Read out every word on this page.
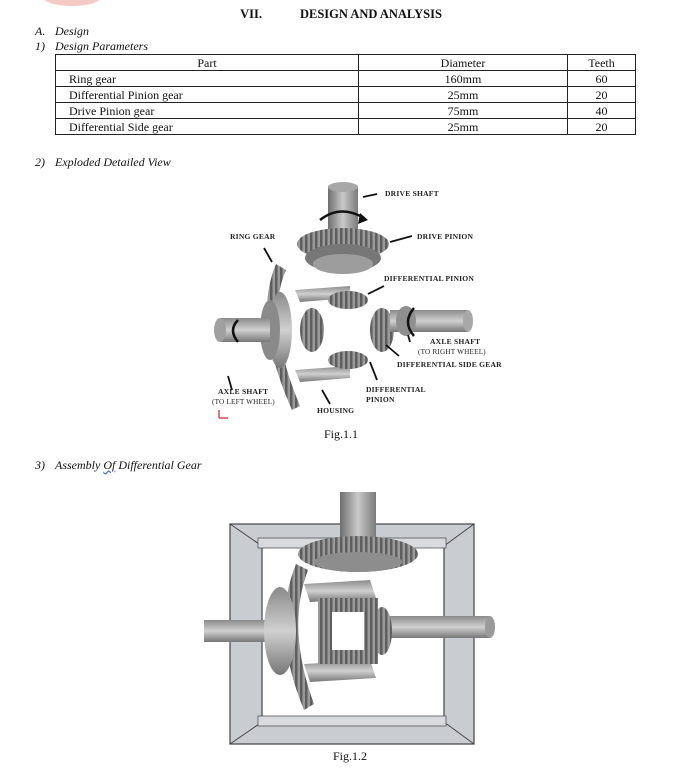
VII.	DESIGN AND ANALYSIS
A. Design
1) Design Parameters
Part	Diameter	Teeth
Ring gear	160mm	60
Differential Pinion gear	25mm	20
Drive Pinion gear	75mm	40
Differential Side gear	25mm	20
2) Exploded Detailed View
DRIVE SHAFT
DRIVE PINION
RING GEAR
DIFFERENTIAL PINION
AXLE SHAFT
(TO RIGHT WHEEL)
DIFFERENTIAL SIDE GEAR
AXLE SHAFT
(TO LEFT WHEEL)
HOUSING
DIFFERENTIAL
PINION
Fig.1.1
3) Assembly Of Differential Gear
Fig.1.2
